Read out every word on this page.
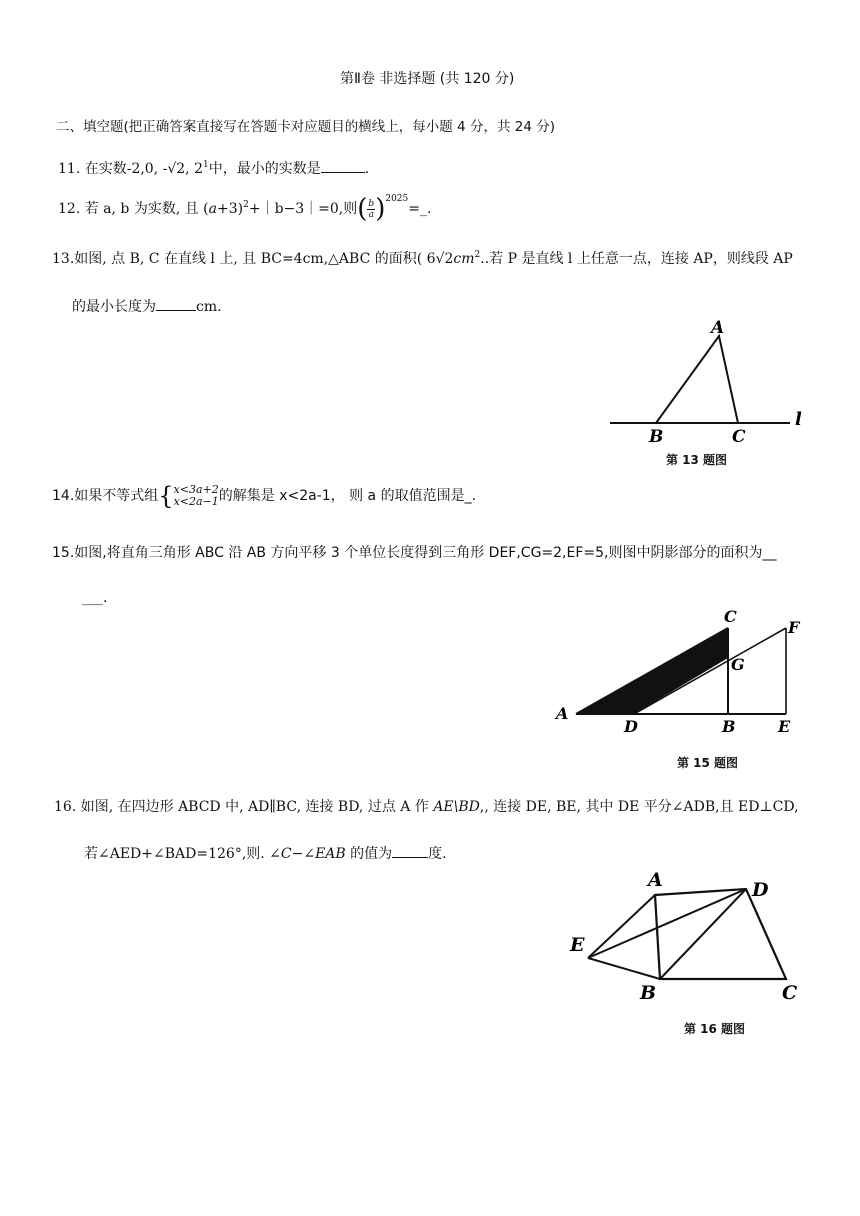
第Ⅱ卷 非选择题 (共 120 分)
二、填空题(把正确答案直接写在答题卡对应题目的横线上，每小题 4 分，共 24 分)
11. 在实数-2,0, -√2, $2^1$中，最小的实数是	.
12. 若 a, b 为实数, 且 $(a+3)^2+|b-3|=0$,则( $\frac{b}{a}$ )$^{2025}$=_.
13.如图, 点 B, C 在直线 l 上, 且 BC=4cm,△ABC 的面积( $6√2cm^2$..若 P 是直线 l 上任意一点，连接 AP，则线段 AP
的最小长度为	cm.
A
B	C
l
第 13 题图
14.如果不等式组 { x<3a+2
x<2a−1 的解集是 x<2a-1， 则 a 的取值范围是_.
15.如图,将直角三角形 ABC 沿 AB 方向平移 3 个单位长度得到三角形 DEF,CG=2,EF=5,则图中阴影部分的面积为__
___.
A
D	B	E
C
F
G
第 15 题图
16. 如图, 在四边形 ABCD 中, AD∥BC, 连接 BD, 过点 A 作 AE\BD,, 连接 DE, BE, 其中 DE 平分∠ADB,且 ED⊥CD,
若∠AED+∠BAD=126°,则. ∠C−∠EAB 的值为	度.
A	D
E
B	C
第 16 题图
